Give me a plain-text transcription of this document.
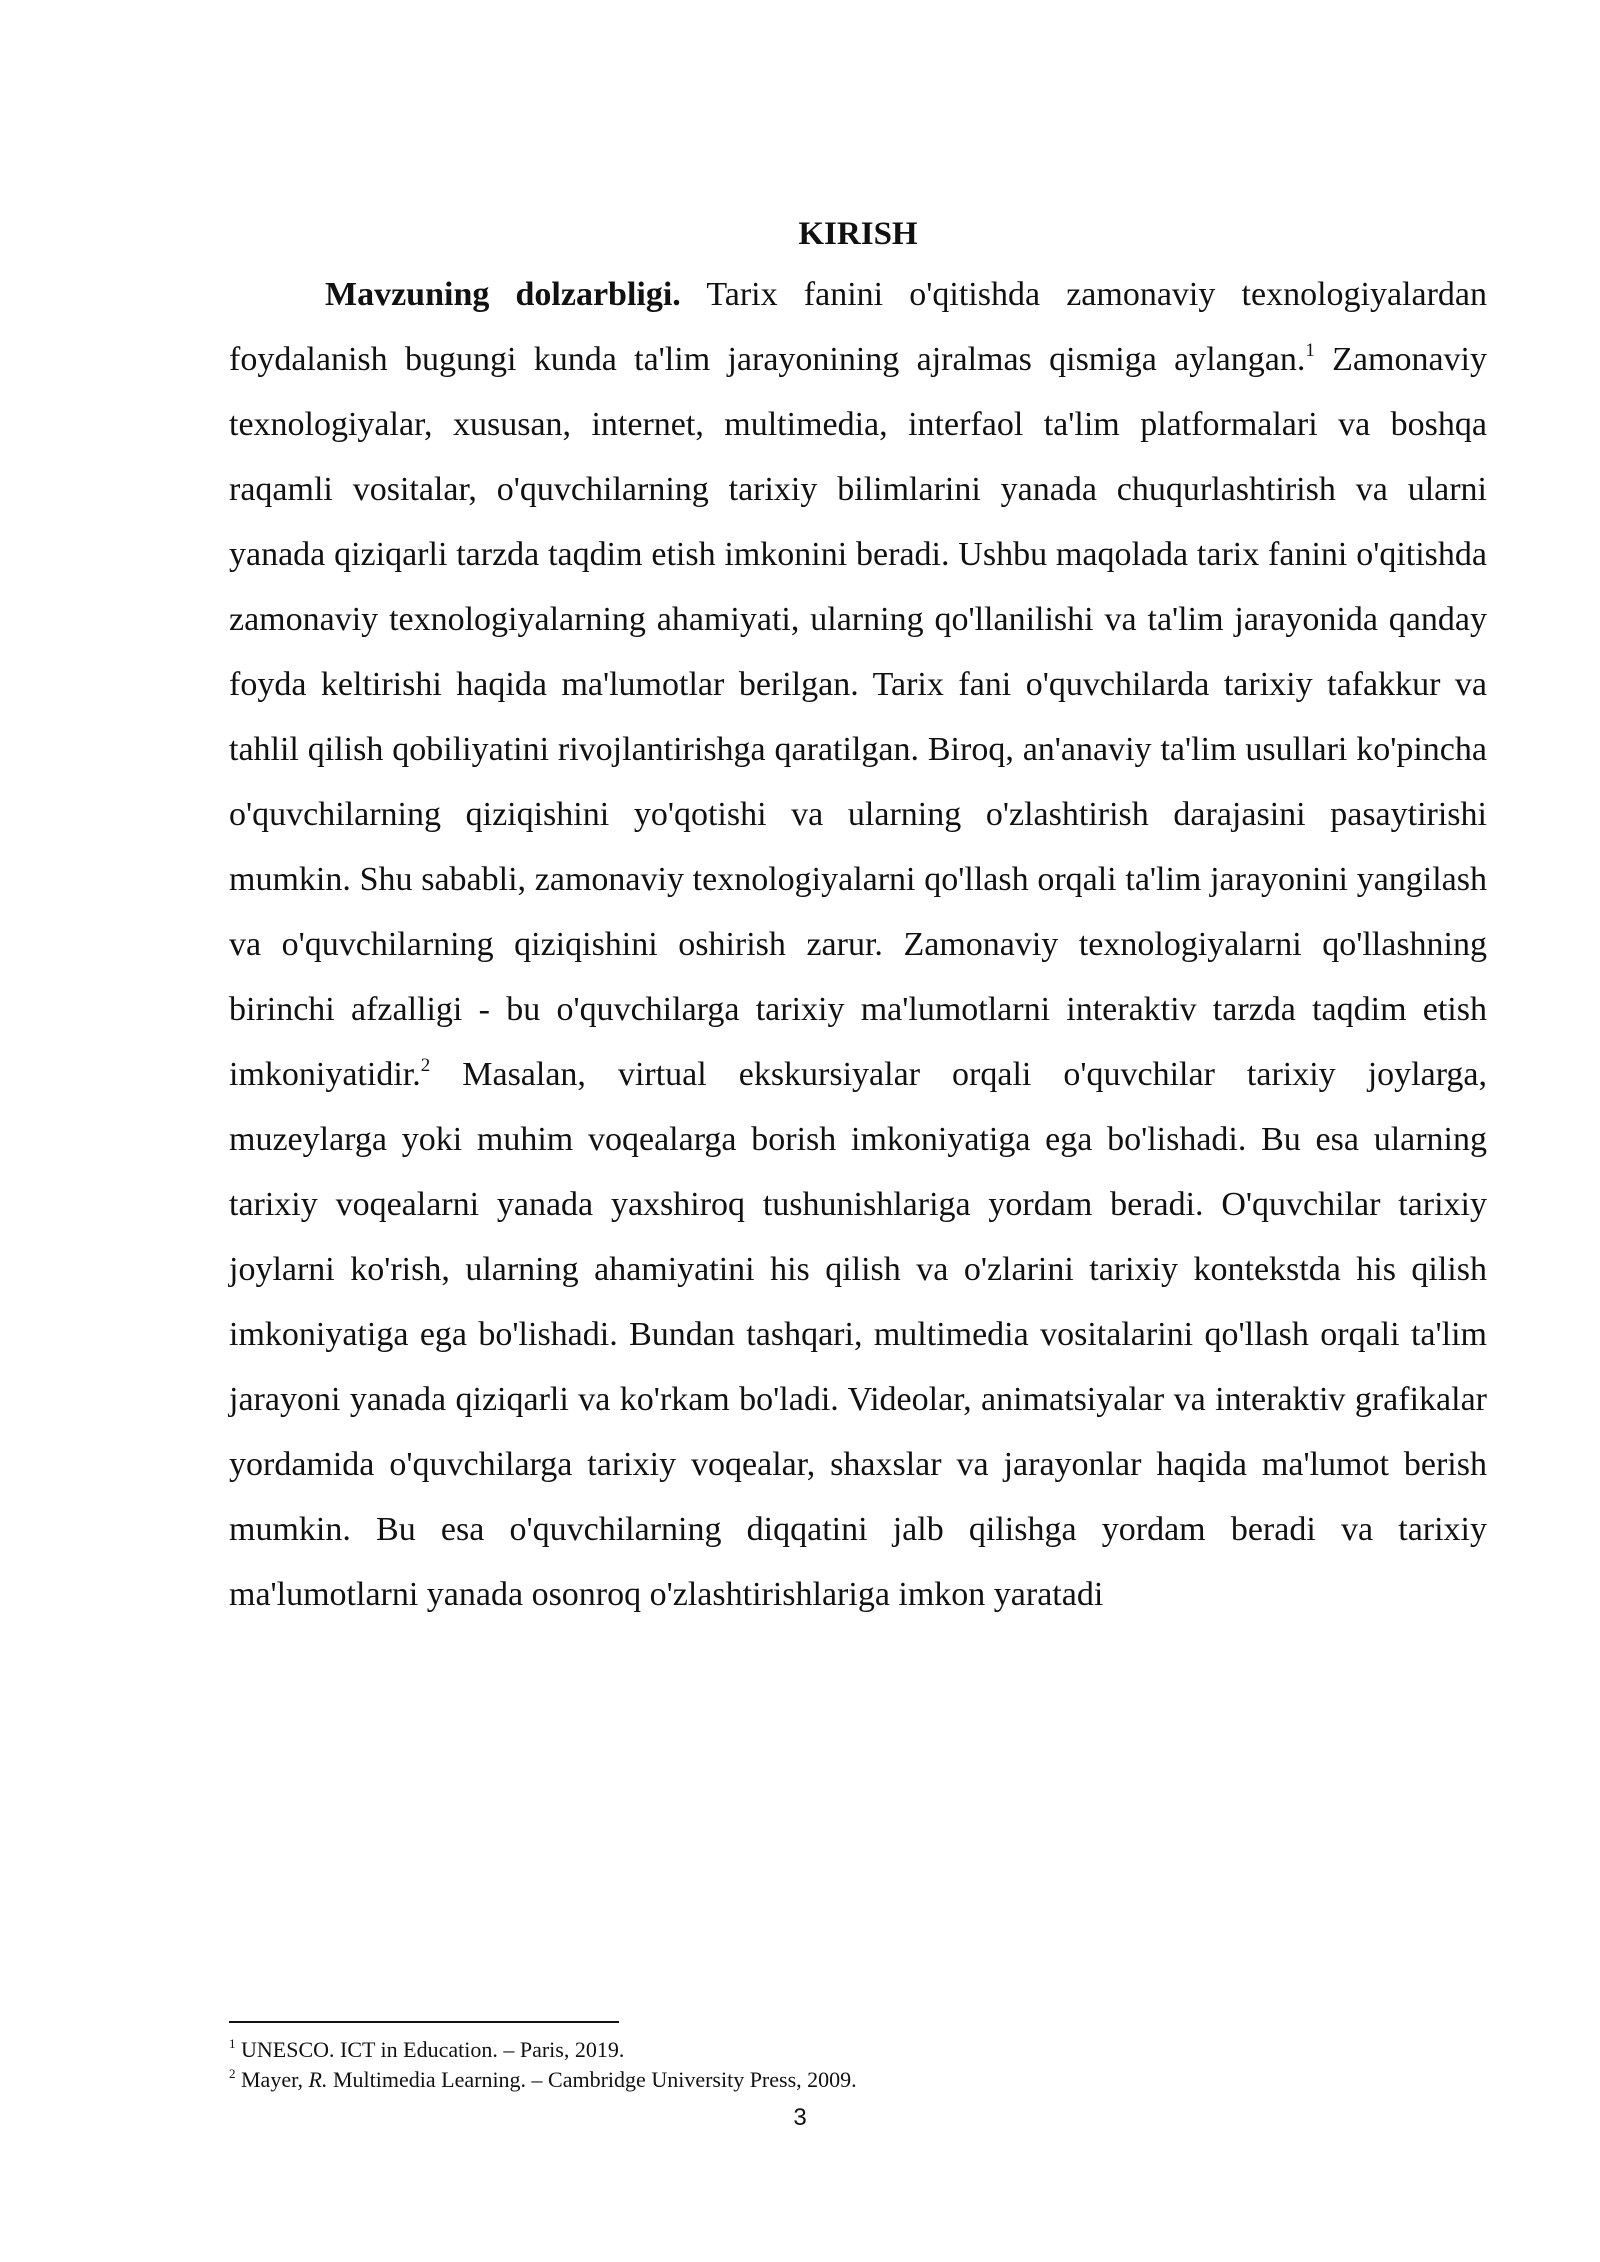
KIRISH

Mavzuning dolzarbligi. Tarix fanini o'qitishda zamonaviy texnologiyalardan foydalanish bugungi kunda ta'lim jarayonining ajralmas qismiga aylangan.$^1$ Zamonaviy texnologiyalar, xususan, internet, multimedia, interfaol ta'lim platformalari va boshqa raqamli vositalar, o'quvchilarning tarixiy bilimlarini yanada chuqurlashtirish va ularni yanada qiziqarli tarzda taqdim etish imkonini beradi. Ushbu maqolada tarix fanini o'qitishda zamonaviy texnologiyalarning ahamiyati, ularning qo'llanilishi va ta'lim jarayonida qanday foyda keltirishi haqida ma'lumotlar berilgan. Tarix fani o'quvchilarda tarixiy tafakkur va tahlil qilish qobiliyatini rivojlantirishga qaratilgan. Biroq, an'anaviy ta'lim usullari ko'pincha o'quvchilarning qiziqishini yo'qotishi va ularning o'zlashtirish darajasini pasaytirishi mumkin. Shu sababli, zamonaviy texnologiyalarni qo'llash orqali ta'lim jarayonini yangilash va o'quvchilarning qiziqishini oshirish zarur. Zamonaviy texnologiyalarni qo'llashning birinchi afzalligi - bu o'quvchilarga tarixiy ma'lumotlarni interaktiv tarzda taqdim etish imkoniyatidir.$^2$ Masalan, virtual ekskursiyalar orqali o'quvchilar tarixiy joylarga, muzeylarga yoki muhim voqealarga borish imkoniyatiga ega bo'lishadi. Bu esa ularning tarixiy voqealarni yanada yaxshiroq tushunishlariga yordam beradi. O'quvchilar tarixiy joylarni ko'rish, ularning ahamiyatini his qilish va o'zlarini tarixiy kontekstda his qilish imkoniyatiga ega bo'lishadi. Bundan tashqari, multimedia vositalarini qo'llash orqali ta'lim jarayoni yanada qiziqarli va ko'rkam bo'ladi. Videolar, animatsiyalar va interaktiv grafikalar yordamida o'quvchilarga tarixiy voqealar, shaxslar va jarayonlar haqida ma'lumot berish mumkin. Bu esa o'quvchilarning diqqatini jalb qilishga yordam beradi va tarixiy ma'lumotlarni yanada osonroq o'zlashtirishlariga imkon yaratadi

$^1$ UNESCO. ICT in Education. – Paris, 2019.

$^2$ Mayer, R. Multimedia Learning. – Cambridge University Press, 2009.

3
